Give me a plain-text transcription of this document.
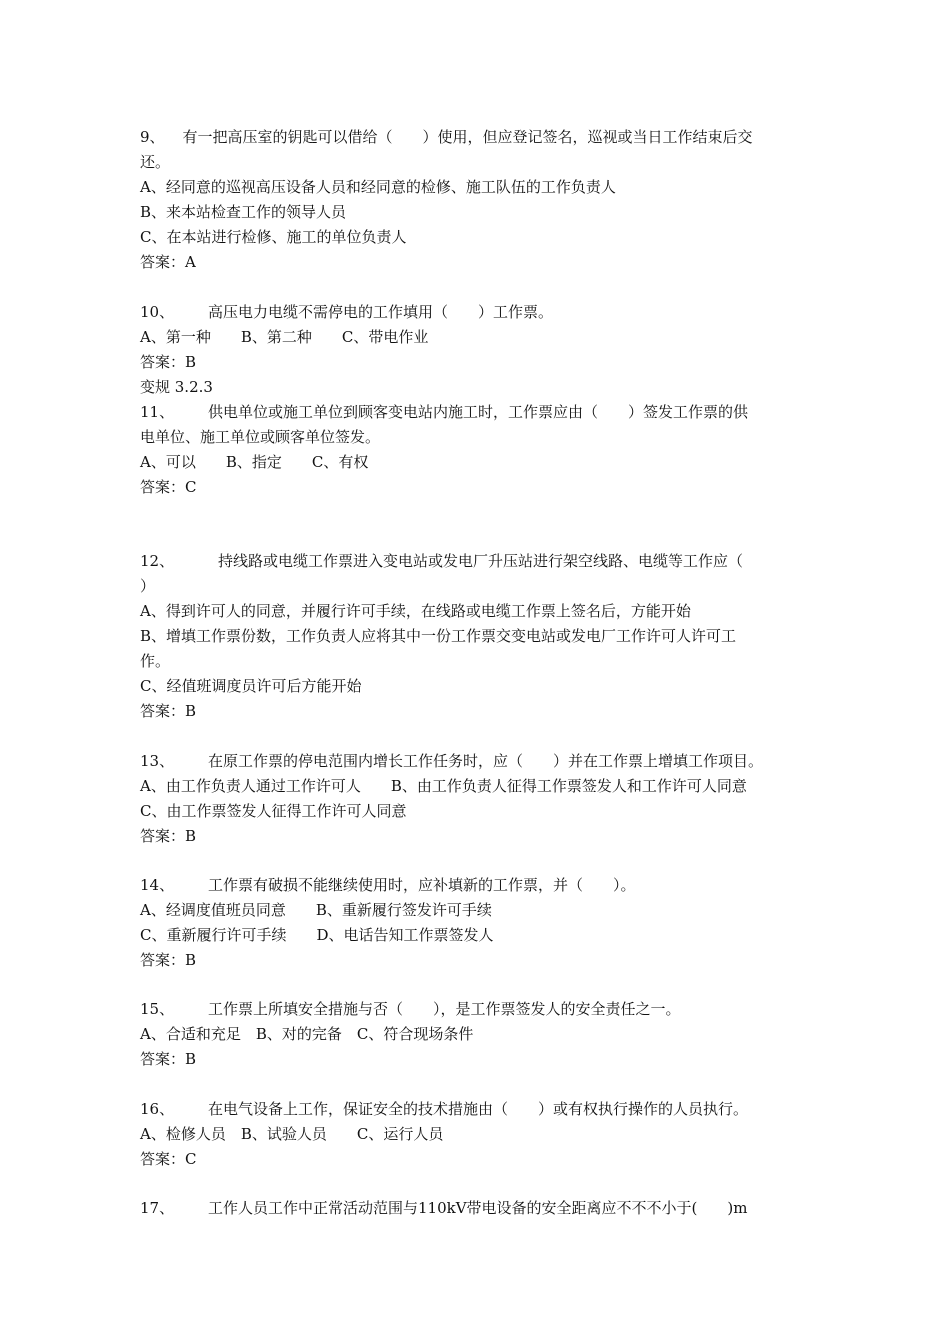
9、 有一把高压室的钥匙可以借给（　　）使用，但应登记签名，巡视或当日工作结束后交
还。
A、经同意的巡视高压设备人员和经同意的检修、施工队伍的工作负责人
B、来本站检查工作的领导人员
C、在本站进行检修、施工的单位负责人
答案：A
10、 高压电力电缆不需停电的工作填用（　　）工作票。
A、第一种　　B、第二种　　C、带电作业
答案：B
变规 3.2.3
11、 供电单位或施工单位到顾客变电站内施工时，工作票应由（　　）签发工作票的供
电单位、施工单位或顾客单位签发。
A、可以　　B、指定　　C、有权
答案：C
12、	持线路或电缆工作票进入变电站或发电厂升压站进行架空线路、电缆等工作应（
）
A、得到许可人的同意，并履行许可手续，在线路或电缆工作票上签名后，方能开始
B、增填工作票份数，工作负责人应将其中一份工作票交变电站或发电厂工作许可人许可工
作。
C、经值班调度员许可后方能开始
答案：B
13、 在原工作票的停电范围内增长工作任务时，应（　　）并在工作票上增填工作项目。
A、由工作负责人通过工作许可人　　B、由工作负责人征得工作票签发人和工作许可人同意
C、由工作票签发人征得工作许可人同意
答案：B
14、 工作票有破损不能继续使用时，应补填新的工作票，并（　　）。
A、经调度值班员同意　　B、重新履行签发许可手续
C、重新履行许可手续　　D、电话告知工作票签发人
答案：B
15、 工作票上所填安全措施与否（　　），是工作票签发人的安全责任之一。
A、合适和充足　B、对的完备　C、符合现场条件
答案：B
16、 在电气设备上工作，保证安全的技术措施由（　　）或有权执行操作的人员执行。
A、检修人员　B、试验人员　　C、运行人员
答案：C
17、 工作人员工作中正常活动范围与110kV带电设备的安全距离应不不不小于(　　)m
